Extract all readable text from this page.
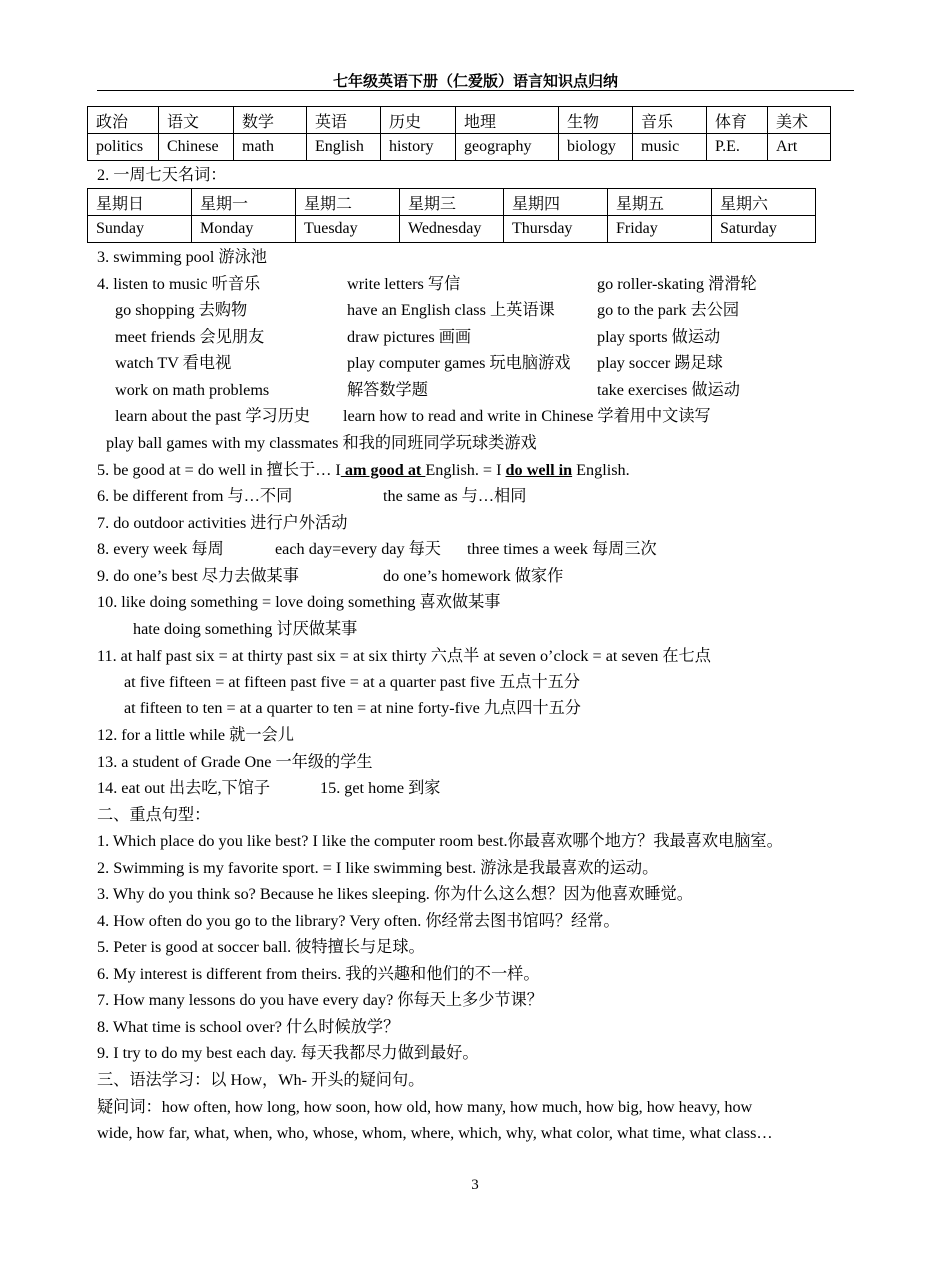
七年级英语下册（仁爱版）语言知识点归纳
政治	语文	数学	英语	历史	地理	生物	音乐	体育	美术
politics	Chinese	math	English	history	geography	biology	music	P.E.	Art
2. 一周七天名词：
星期日	星期一	星期二	星期三	星期四	星期五	星期六
Sunday	Monday	Tuesday	Wednesday	Thursday	Friday	Saturday
3. swimming pool 游泳池
4. listen to music 听音乐	write letters 写信	go roller-skating 滑滑轮
go shopping 去购物	have an English class 上英语课	go to the park 去公园
meet friends 会见朋友	draw pictures 画画	play sports 做运动
watch TV 看电视	play computer games 玩电脑游戏 play soccer 踢足球
work on math problems	解答数学题	take exercises 做运动
learn about the past 学习历史 learn how to read and write in Chinese 学着用中文读写
play ball games with my classmates 和我的同班同学玩球类游戏
5. be good at = do well in 擅长于… I am good at English. = I do well in English.
6. be different from 与…不同	the same as 与…相同
7. do outdoor activities 进行户外活动
8. every week 每周	each day=every day 每天 three times a week 每周三次
9. do one’s best 尽力去做某事	do one’s homework 做家作
10. like doing something = love doing something 喜欢做某事
hate doing something 讨厌做某事
11. at half past six = at thirty past six = at six thirty 六点半 at seven o’clock = at seven 在七点
at five fifteen = at fifteen past five = at a quarter past five 五点十五分
at fifteen to ten = at a quarter to ten = at nine forty-five 九点四十五分
12. for a little while 就一会儿
13. a student of Grade One 一年级的学生
14. eat out 出去吃,下馆子	15. get home 到家
二、重点句型：
1. Which place do you like best? I like the computer room best.你最喜欢哪个地方？我最喜欢电脑室。
2. Swimming is my favorite sport. = I like swimming best. 游泳是我最喜欢的运动。
3. Why do you think so? Because he likes sleeping. 你为什么这么想？因为他喜欢睡觉。
4. How often do you go to the library? Very often. 你经常去图书馆吗？经常。
5. Peter is good at soccer ball. 彼特擅长与足球。
6. My interest is different from theirs. 我的兴趣和他们的不一样。
7. How many lessons do you have every day? 你每天上多少节课？
8. What time is school over? 什么时候放学？
9. I try to do my best each day. 每天我都尽力做到最好。
三、语法学习：以 How，Wh- 开头的疑问句。
疑问词：how often, how long, how soon, how old, how many, how much, how big, how heavy, how
wide, how far, what, when, who, whose, whom, where, which, why, what color, what time, what class…
3
